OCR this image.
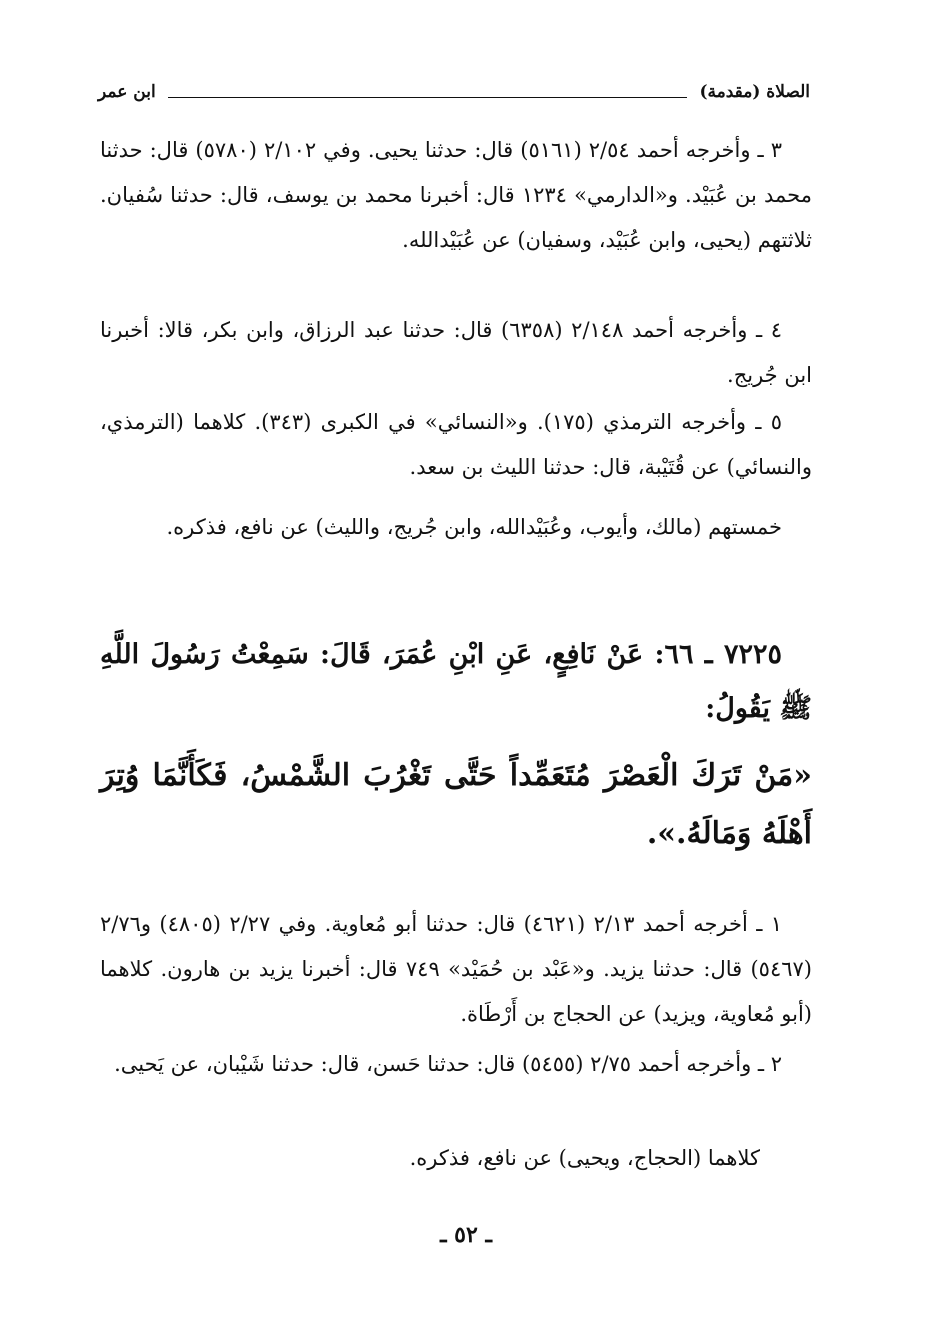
الصلاة (مقدمة)
ابن عمر

٣ ـ وأخرجه أحمد ٢/٥٤ (٥١٦١) قال: حدثنا يحيى. وفي ٢/١٠٢ (٥٧٨٠) قال: حدثنا محمد بن عُبَيْد. و«الدارمي» ١٢٣٤ قال: أخبرنا محمد بن يوسف، قال: حدثنا سُفيان. ثلاثتهم (يحيى، وابن عُبَيْد، وسفيان) عن عُبَيْدالله.

٤ ـ وأخرجه أحمد ٢/١٤٨ (٦٣٥٨) قال: حدثنا عبد الرزاق، وابن بكر، قالا: أخبرنا ابن جُريج.

٥ ـ وأخرجه الترمذي (١٧٥). و«النسائي» في الكبرى (٣٤٣). كلاهما (الترمذي، والنسائي) عن قُتَيْبة، قال: حدثنا الليث بن سعد.

خمستهم (مالك، وأيوب، وعُبَيْدالله، وابن جُريج، والليث) عن نافع، فذكره.

٧٢٢٥ ـ ٦٦: عَنْ نَافِعٍ، عَنِ ابْنِ عُمَرَ، قَالَ: سَمِعْتُ رَسُولَ اللَّهِ ﷺ يَقُولُ:

«مَنْ تَرَكَ الْعَصْرَ مُتَعَمِّداً حَتَّى تَغْرُبَ الشَّمْسُ، فَكَأَنَّمَا وُتِرَ أَهْلَهُ وَمَالَهُ.».

١ ـ أخرجه أحمد ٢/١٣ (٤٦٢١) قال: حدثنا أبو مُعاوية. وفي ٢/٢٧ (٤٨٠٥) و٢/٧٦ (٥٤٦٧) قال: حدثنا يزيد. و«عَبْد بن حُمَيْد» ٧٤٩ قال: أخبرنا يزيد بن هارون. كلاهما (أبو مُعاوية، ويزيد) عن الحجاج بن أَرْطَاة.

٢ ـ وأخرجه أحمد ٢/٧٥ (٥٤٥٥) قال: حدثنا حَسن، قال: حدثنا شَيْبان، عن يَحيى.

كلاهما (الحجاج، ويحيى) عن نافع، فذكره.

ـ ٥٢ ـ
